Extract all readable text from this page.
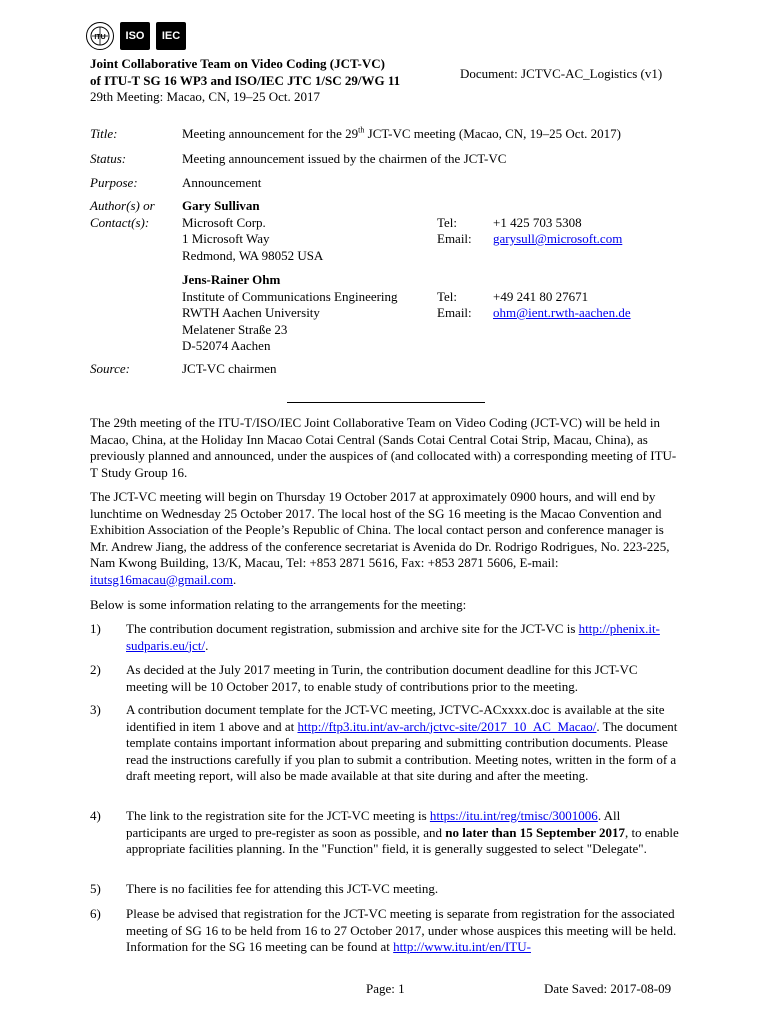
ITU ISO IEC
Joint Collaborative Team on Video Coding (JCT-VC)
of ITU-T SG 16 WP3 and ISO/IEC JTC 1/SC 29/WG 11
29th Meeting: Macao, CN, 19–25 Oct. 2017
Document: JCTVC-AC_Logistics (v1)
Title:	Meeting announcement for the 29th JCT-VC meeting (Macao, CN, 19–25 Oct. 2017)
Status:	Meeting announcement issued by the chairmen of the JCT-VC
Purpose:	Announcement
Author(s) or
Contact(s):
Gary Sullivan
Microsoft Corp.
1 Microsoft Way
Redmond, WA 98052 USA
Tel:	+1 425 703 5308
Email: garysull@microsoft.com
Jens-Rainer Ohm
Institute of Communications Engineering
RWTH Aachen University
Melatener Straße 23
D-52074 Aachen
Tel:	+49 241 80 27671
Email: ohm@ient.rwth-aachen.de
Source:	JCT-VC chairmen
The 29th meeting of the ITU-T/ISO/IEC Joint Collaborative Team on Video Coding (JCT-VC) will be held in Macao, China, at the Holiday Inn Macao Cotai Central (Sands Cotai Central Cotai Strip, Macau, China), as previously planned and announced, under the auspices of (and collocated with) a corresponding meeting of ITU-T Study Group 16.
The JCT-VC meeting will begin on Thursday 19 October 2017 at approximately 0900 hours, and will end by lunchtime on Wednesday 25 October 2017. The local host of the SG 16 meeting is the Macao Convention and Exhibition Association of the People’s Republic of China. The local contact person and conference manager is Mr. Andrew Jiang, the address of the conference secretariat is Avenida do Dr. Rodrigo Rodrigues, No. 223-225, Nam Kwong Building, 13/K, Macau, Tel: +853 2871 5616, Fax: +853 2871 5606, E-mail: itutsg16macau@gmail.com.
Below is some information relating to the arrangements for the meeting:
1) The contribution document registration, submission and archive site for the JCT-VC is http://phenix.it-sudparis.eu/jct/.
2) As decided at the July 2017 meeting in Turin, the contribution document deadline for this JCT-VC meeting will be 10 October 2017, to enable study of contributions prior to the meeting.
3) A contribution document template for the JCT-VC meeting, JCTVC-ACxxxx.doc is available at the site identified in item 1 above and at http://ftp3.itu.int/av-arch/jctvc-site/2017_10_AC_Macao/. The document template contains important information about preparing and submitting contribution documents. Please read the instructions carefully if you plan to submit a contribution. Meeting notes, written in the form of a draft meeting report, will also be made available at that site during and after the meeting.
4) The link to the registration site for the JCT-VC meeting is https://itu.int/reg/tmisc/3001006. All participants are urged to pre-register as soon as possible, and no later than 15 September 2017, to enable appropriate facilities planning. In the "Function" field, it is generally suggested to select "Delegate".
5) There is no facilities fee for attending this JCT-VC meeting.
6) Please be advised that registration for the JCT-VC meeting is separate from registration for the associated meeting of SG 16 to be held from 16 to 27 October 2017, under whose auspices this meeting will be held. Information for the SG 16 meeting can be found at http://www.itu.int/en/ITU-
Page: 1	Date Saved: 2017-08-09
